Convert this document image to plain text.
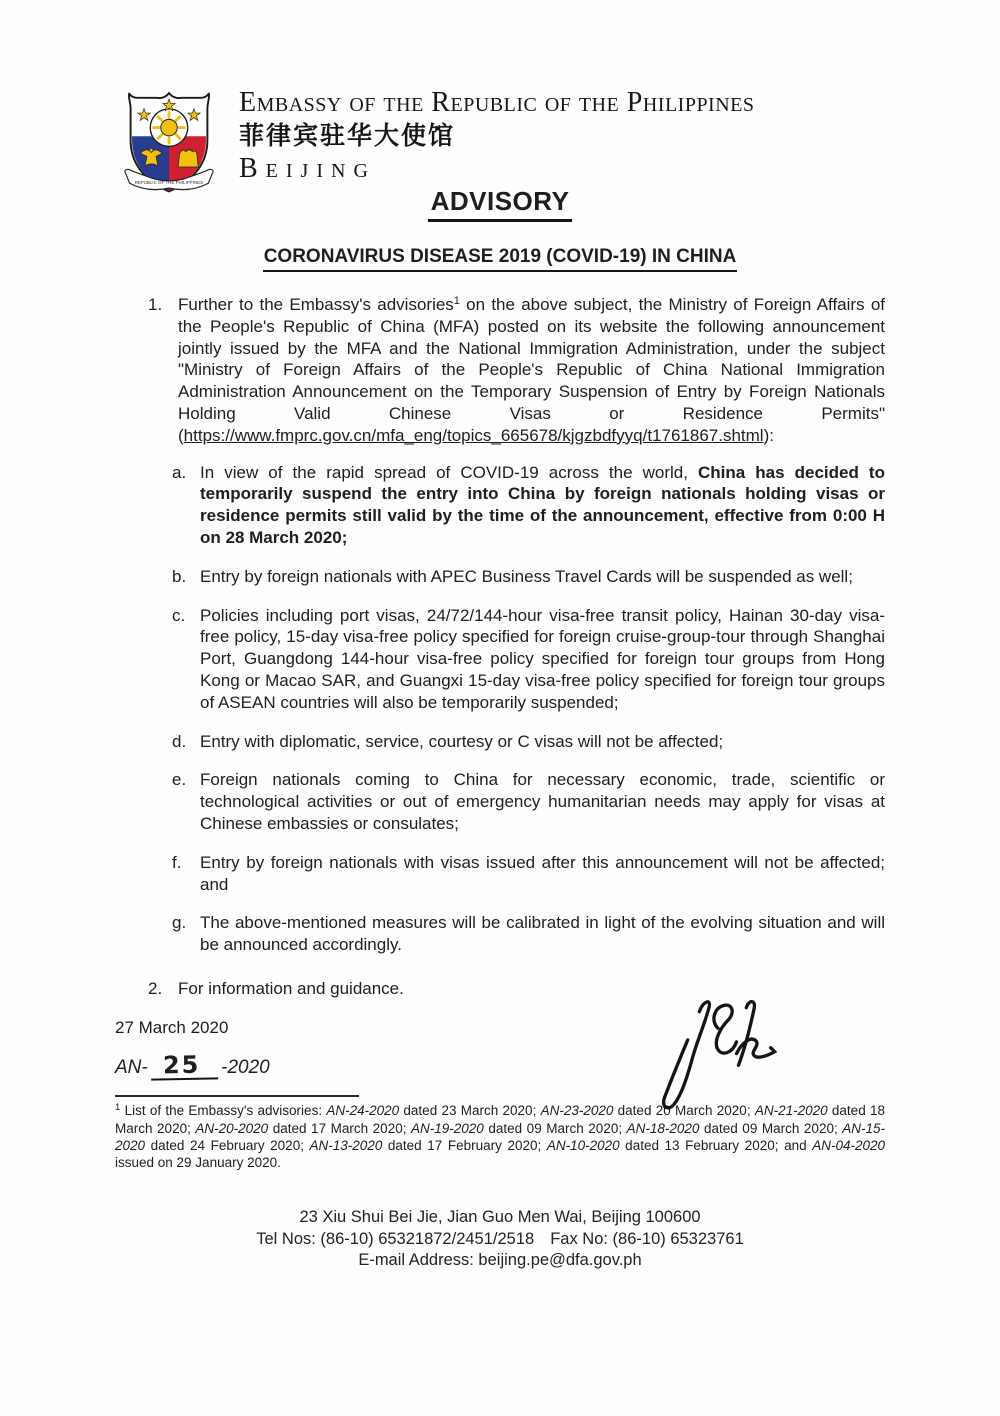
REPUBLIC OF THE PHILIPPINES
Embassy of the Republic of the Philippines
菲律宾驻华大使馆
Beijing
ADVISORY
CORONAVIRUS DISEASE 2019 (COVID-19) IN CHINA
1. Further to the Embassy's advisories$^1$ on the above subject, the Ministry of Foreign Affairs of the People's Republic of China (MFA) posted on its website the following announcement jointly issued by the MFA and the National Immigration Administration, under the subject "Ministry of Foreign Affairs of the People's Republic of China National Immigration Administration Announcement on the Temporary Suspension of Entry by Foreign Nationals Holding Valid Chinese Visas or Residence Permits" (https://www.fmprc.gov.cn/mfa_eng/topics_665678/kjgzbdfyyq/t1761867.shtml):
a. In view of the rapid spread of COVID-19 across the world, China has decided to temporarily suspend the entry into China by foreign nationals holding visas or residence permits still valid by the time of the announcement, effective from 0:00 H on 28 March 2020;
b. Entry by foreign nationals with APEC Business Travel Cards will be suspended as well;
c. Policies including port visas, 24/72/144-hour visa-free transit policy, Hainan 30-day visa-free policy, 15-day visa-free policy specified for foreign cruise-group-tour through Shanghai Port, Guangdong 144-hour visa-free policy specified for foreign tour groups from Hong Kong or Macao SAR, and Guangxi 15-day visa-free policy specified for foreign tour groups of ASEAN countries will also be temporarily suspended;
d. Entry with diplomatic, service, courtesy or C visas will not be affected;
e. Foreign nationals coming to China for necessary economic, trade, scientific or technological activities or out of emergency humanitarian needs may apply for visas at Chinese embassies or consulates;
f. Entry by foreign nationals with visas issued after this announcement will not be affected; and
g. The above-mentioned measures will be calibrated in light of the evolving situation and will be announced accordingly.
2. For information and guidance.
27 March 2020
AN- 25	-2020
$^1$ List of the Embassy's advisories: AN-24-2020 dated 23 March 2020; AN-23-2020 dated 20 March 2020; AN-21-2020 dated 18 March 2020; AN-20-2020 dated 17 March 2020; AN-19-2020 dated 09 March 2020; AN-18-2020 dated 09 March 2020; AN-15-2020 dated 24 February 2020; AN-13-2020 dated 17 February 2020; AN-10-2020 dated 13 February 2020; and AN-04-2020 issued on 29 January 2020.
23 Xiu Shui Bei Jie, Jian Guo Men Wai, Beijing 100600
Tel Nos: (86-10) 65321872/2451/2518 Fax No: (86-10) 65323761
E-mail Address: beijing.pe@dfa.gov.ph
